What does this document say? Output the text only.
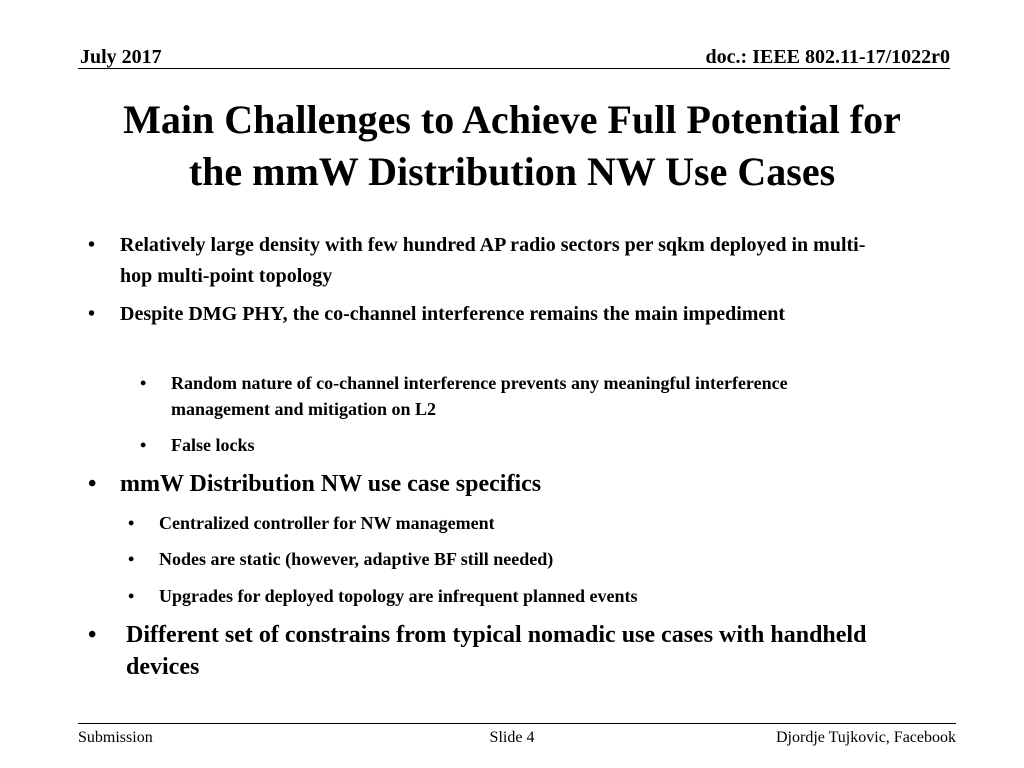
July 2017	doc.: IEEE 802.11-17/1022r0
Main Challenges to Achieve Full Potential for
the mmW Distribution NW Use Cases
• Relatively large density with few hundred AP radio sectors per sqkm deployed in multi-hop multi-point topology
• Despite DMG PHY, the co-channel interference remains the main impediment
• Random nature of co-channel interference prevents any meaningful interference management and mitigation on L2
• False locks
• mmW Distribution NW use case specifics
• Centralized controller for NW management
• Nodes are static (however, adaptive BF still needed)
• Upgrades for deployed topology are infrequent planned events
• Different set of constrains from typical nomadic use cases with handheld devices
Submission	Slide 4	Djordje Tujkovic, Facebook
